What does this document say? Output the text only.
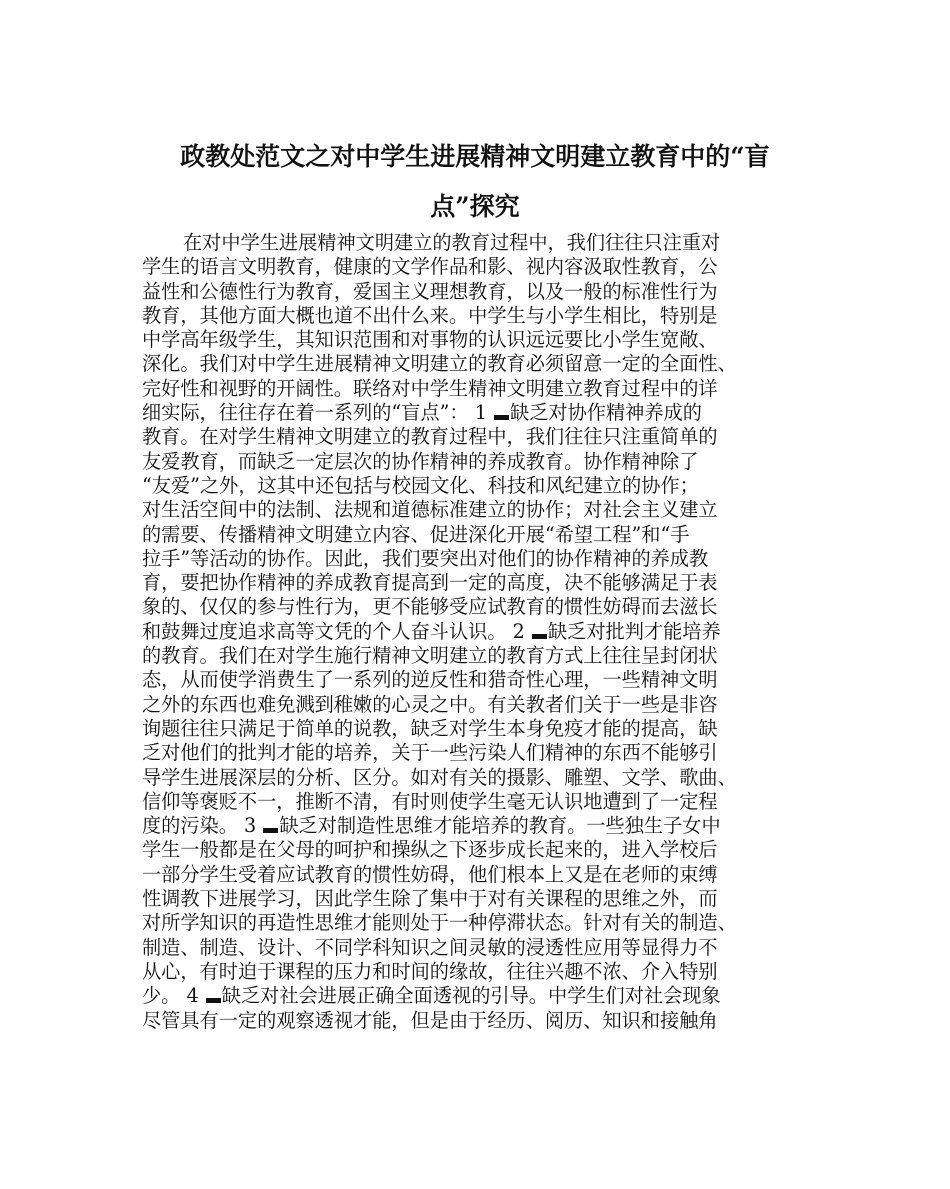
政教处范文之对中学生进展精神文明建立教育中的“盲
点”探究
在对中学生进展精神文明建立的教育过程中，我们往往只注重对
学生的语言文明教育，健康的文学作品和影、视内容汲取性教育，公
益性和公德性行为教育，爱国主义理想教育，以及一般的标准性行为
教育，其他方面大概也道不出什么来。中学生与小学生相比，特别是
中学高年级学生，其知识范围和对事物的认识远远要比小学生宽敞、
深化。我们对中学生进展精神文明建立的教育必须留意一定的全面性、
完好性和视野的开阔性。联络对中学生精神文明建立教育过程中的详
细实际，往往存在着一系列的“盲点”： 1 缺乏对协作精神养成的
教育。在对学生精神文明建立的教育过程中，我们往往只注重简单的
友爱教育，而缺乏一定层次的协作精神的养成教育。协作精神除了
“友爱”之外，这其中还包括与校园文化、科技和风纪建立的协作；
对生活空间中的法制、法规和道德标准建立的协作；对社会主义建立
的需要、传播精神文明建立内容、促进深化开展“希望工程”和“手
拉手”等活动的协作。因此，我们要突出对他们的协作精神的养成教
育，要把协作精神的养成教育提高到一定的高度，决不能够满足于表
象的、仅仅的参与性行为，更不能够受应试教育的惯性妨碍而去滋长
和鼓舞过度追求高等文凭的个人奋斗认识。 2 缺乏对批判才能培养
的教育。我们在对学生施行精神文明建立的教育方式上往往呈封闭状
态，从而使学消费生了一系列的逆反性和猎奇性心理，一些精神文明
之外的东西也难免溅到稚嫩的心灵之中。有关教者们关于一些是非咨
询题往往只满足于简单的说教，缺乏对学生本身免疫才能的提高，缺
乏对他们的批判才能的培养，关于一些污染人们精神的东西不能够引
导学生进展深层的分析、区分。如对有关的摄影、雕塑、文学、歌曲、
信仰等褒贬不一，推断不清，有时则使学生毫无认识地遭到了一定程
度的污染。 3 缺乏对制造性思维才能培养的教育。一些独生子女中
学生一般都是在父母的呵护和操纵之下逐步成长起来的，进入学校后
一部分学生受着应试教育的惯性妨碍，他们根本上又是在老师的束缚
性调教下进展学习，因此学生除了集中于对有关课程的思维之外，而
对所学知识的再造性思维才能则处于一种停滞状态。针对有关的制造、
制造、制造、设计、不同学科知识之间灵敏的浸透性应用等显得力不
从心，有时迫于课程的压力和时间的缘故，往往兴趣不浓、介入特别
少。 4 缺乏对社会进展正确全面透视的引导。中学生们对社会现象
尽管具有一定的观察透视才能，但是由于经历、阅历、知识和接触角
